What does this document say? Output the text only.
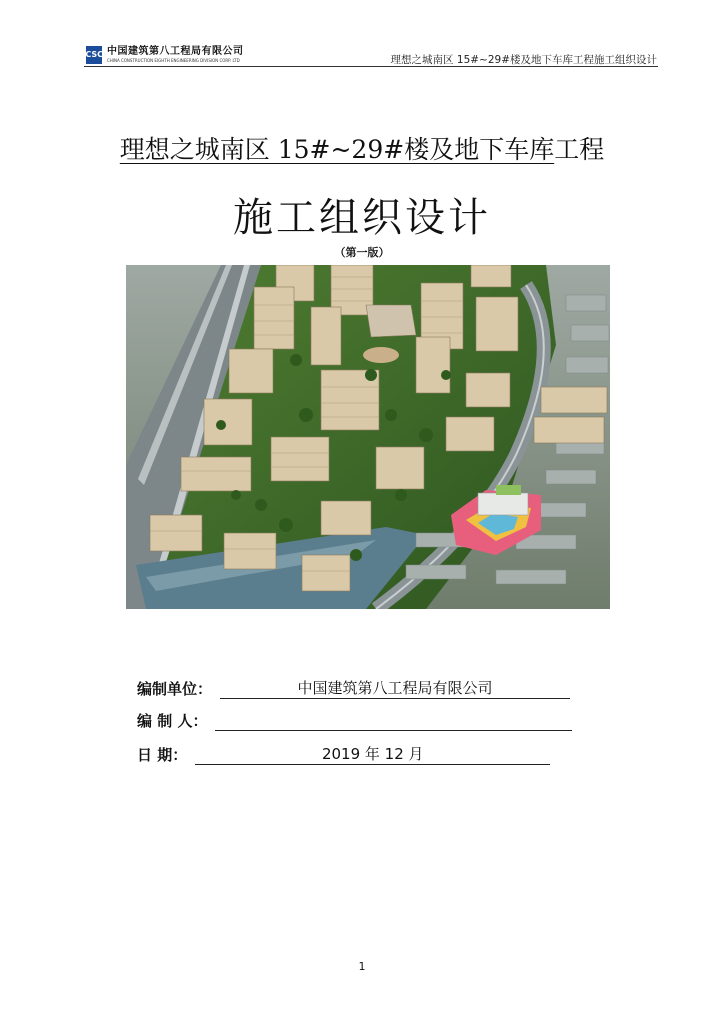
CCSCE
中国建筑第八工程局有限公司
CHINA CONSTRUCTION EIGHTH ENGINEERING DIVISION CORP. LTD	理想之城南区 15#~29#楼及地下车库工程施工组织设计
理想之城南区 15#~29#楼及地下车库工程
施工组织设计
（第一版）
编制单位：	中国建筑第八工程局有限公司
编 制 人：
日 期：	2019 年 12 月
1
